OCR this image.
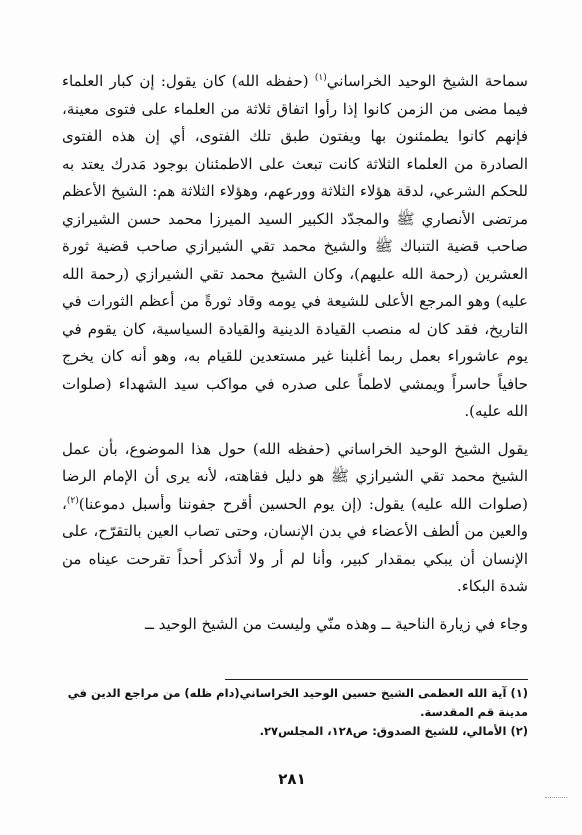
سماحة الشيخ الوحيد الخراساني$^{(١)}$ (حفظه الله) كان يقول: إن كبار العلماء فيما مضى من الزمن كانوا إذا رأوا اتفاق ثلاثة من العلماء على فتوى معينة، فإنهم كانوا يطمئنون بها ويفتون طبق تلك الفتوى، أي إن هذه الفتوى الصادرة من العلماء الثلاثة كانت تبعث على الاطمئنان بوجود مَدرك يعتد به للحكم الشرعي، لدقة هؤلاء الثلاثة وورعهم، وهؤلاء الثلاثة هم: الشيخ الأعظم مرتضى الأنصاري ﷺ والمجدّد الكبير السيد الميرزا محمد حسن الشيرازي صاحب قضية التنباك ﷺ والشيخ محمد تقي الشيرازي صاحب قضية ثورة العشرين (رحمة الله عليهم)، وكان الشيخ محمد تقي الشيرازي (رحمة الله عليه) وهو المرجع الأعلى للشيعة في يومه وقاد ثورةً من أعظم الثورات في التاريخ، فقد كان له منصب القيادة الدينية والقيادة السياسية، كان يقوم في يوم عاشوراء بعمل ربما أغلبنا غير مستعدين للقيام به، وهو أنه كان يخرج حافياً حاسراً ويمشي لاطماً على صدره في مواكب سيد الشهداء (صلوات الله عليه).

يقول الشيخ الوحيد الخراساني (حفظه الله) حول هذا الموضوع، بأن عمل الشيخ محمد تقي الشيرازي ﷺ هو دليل فقاهته، لأنه يرى أن الإمام الرضا (صلوات الله عليه) يقول: (إن يوم الحسين أقرح جفوننا وأسبل دموعنا)$^{(٢)}$، والعين من ألطف الأعضاء في بدن الإنسان، وحتى تصاب العين بالتقرّح، على الإنسان أن يبكي بمقدار كبير، وأنا لم أر ولا أتذكر أحداً تقرحت عيناه من شدة البكاء.

وجاء في زيارة الناحية ــ وهذه منّي وليست من الشيخ الوحيد ــ

(١) آية الله العظمى الشيخ حسين الوحيد الخراساني(دام ظله) من مراجع الدين في مدينة قم المقدسة.

(٢) الأمالي، للشيخ الصدوق: ص١٢٨، المجلس٢٧.

٢٨١
